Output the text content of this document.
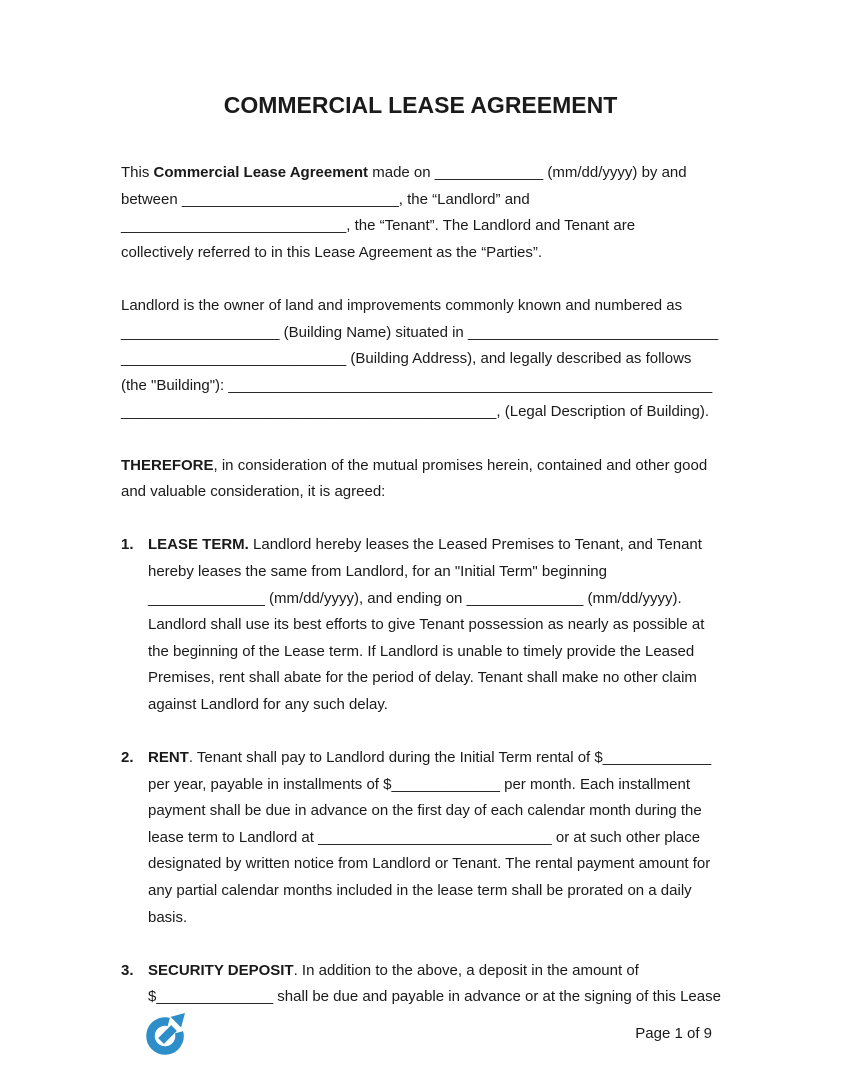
COMMERCIAL LEASE AGREEMENT
This Commercial Lease Agreement made on _____________ (mm/dd/yyyy) by and
between __________________________, the “Landlord” and
___________________________, the “Tenant”. The Landlord and Tenant are
collectively referred to in this Lease Agreement as the “Parties”.
Landlord is the owner of land and improvements commonly known and numbered as
___________________ (Building Name) situated in ______________________________
___________________________ (Building Address), and legally described as follows
(the "Building"): __________________________________________________________
_____________________________________________, (Legal Description of Building).
THEREFORE, in consideration of the mutual promises herein, contained and other good
and valuable consideration, it is agreed:
1. LEASE TERM. Landlord hereby leases the Leased Premises to Tenant, and Tenant
hereby leases the same from Landlord, for an "Initial Term" beginning
______________ (mm/dd/yyyy), and ending on ______________ (mm/dd/yyyy).
Landlord shall use its best efforts to give Tenant possession as nearly as possible at
the beginning of the Lease term. If Landlord is unable to timely provide the Leased
Premises, rent shall abate for the period of delay. Tenant shall make no other claim
against Landlord for any such delay.
2. RENT. Tenant shall pay to Landlord during the Initial Term rental of $_____________
per year, payable in installments of $_____________ per month. Each installment
payment shall be due in advance on the first day of each calendar month during the
lease term to Landlord at ____________________________ or at such other place
designated by written notice from Landlord or Tenant. The rental payment amount for
any partial calendar months included in the lease term shall be prorated on a daily
basis.
3. SECURITY DEPOSIT. In addition to the above, a deposit in the amount of
$______________ shall be due and payable in advance or at the signing of this Lease
Page 1 of 9
